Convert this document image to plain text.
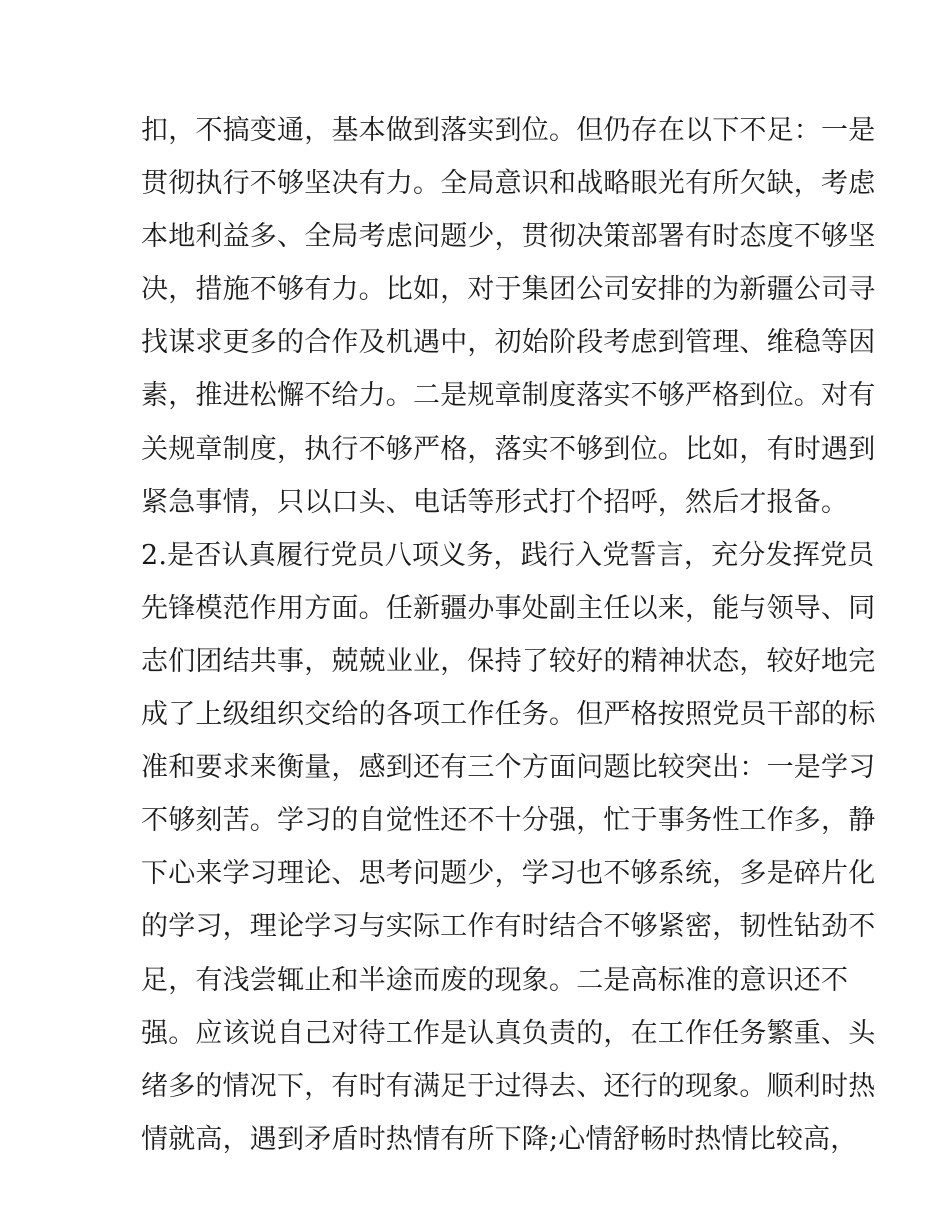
扣，不搞变通，基本做到落实到位。但仍存在以下不足：一是
贯彻执行不够坚决有力。全局意识和战略眼光有所欠缺，考虑
本地利益多、全局考虑问题少，贯彻决策部署有时态度不够坚
决，措施不够有力。比如，对于集团公司安排的为新疆公司寻
找谋求更多的合作及机遇中，初始阶段考虑到管理、维稳等因
素，推进松懈不给力。二是规章制度落实不够严格到位。对有
关规章制度，执行不够严格，落实不够到位。比如，有时遇到
紧急事情，只以口头、电话等形式打个招呼，然后才报备。
2.是否认真履行党员八项义务，践行入党誓言，充分发挥党员
先锋模范作用方面。任新疆办事处副主任以来，能与领导、同
志们团结共事，兢兢业业，保持了较好的精神状态，较好地完
成了上级组织交给的各项工作任务。但严格按照党员干部的标
准和要求来衡量，感到还有三个方面问题比较突出：一是学习
不够刻苦。学习的自觉性还不十分强，忙于事务性工作多，静
下心来学习理论、思考问题少，学习也不够系统，多是碎片化
的学习，理论学习与实际工作有时结合不够紧密，韧性钻劲不
足，有浅尝辄止和半途而废的现象。二是高标准的意识还不
强。应该说自己对待工作是认真负责的，在工作任务繁重、头
绪多的情况下，有时有满足于过得去、还行的现象。顺利时热
情就高，遇到矛盾时热情有所下降;心情舒畅时热情比较高，
